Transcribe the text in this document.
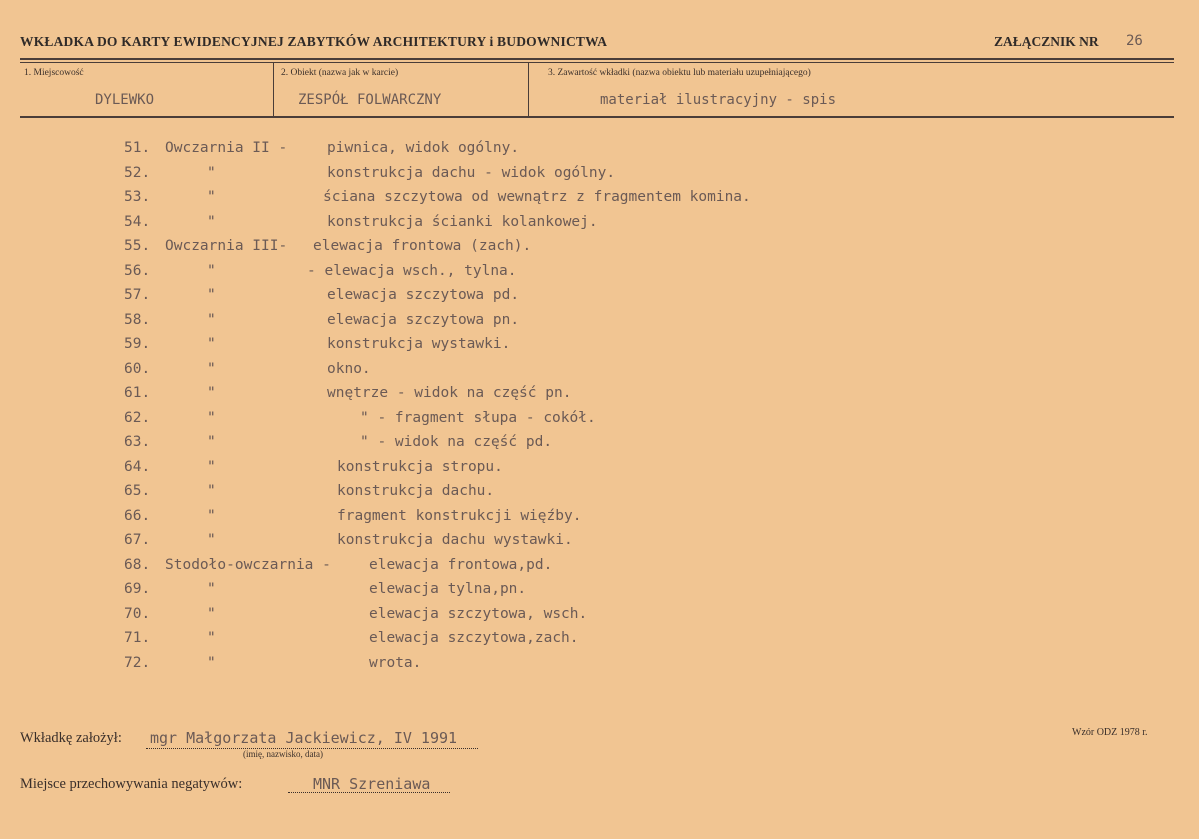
WKŁADKA DO KARTY EWIDENCYJNEJ ZABYTKÓW ARCHITEKTURY i BUDOWNICTWA	ZAŁĄCZNIK NR 26
1. Miejscowość
DYLEWKO
2. Obiekt (nazwa jak w karcie)
ZESPÓŁ FOLWARCZNY
3. Zawartość wkładki (nazwa obiektu lub materiału uzupełniającego)
materiał ilustracyjny - spis
51. Owczarnia II -	piwnica, widok ogólny.
52.	"	konstrukcja dachu - widok ogólny.
53.	"	ściana szczytowa od wewnątrz z fragmentem komina.
54.	"	konstrukcja ścianki kolankowej.
55. Owczarnia III- elewacja frontowa (zach).
56.	"	- elewacja wsch., tylna.
57.	"	elewacja szczytowa pd.
58.	"	elewacja szczytowa pn.
59.	"	konstrukcja wystawki.
60.	"	okno.
61.	"	wnętrze - widok na część pn.
62.	"	" - fragment słupa - cokół.
63.	"	" - widok na część pd.
64.	"	konstrukcja stropu.
65.	"	konstrukcja dachu.
66.	"	fragment konstrukcji więźby.
67.	"	konstrukcja dachu wystawki.
68. Stodoło-owczarnia -	elewacja frontowa,pd.
69.	"	elewacja tylna,pn.
70.	"	elewacja szczytowa, wsch.
71.	"	elewacja szczytowa,zach.
72.	"	wrota.
Wkładkę założył: mgr Małgorzata Jackiewicz, IV 1991
(imię, nazwisko, data)
Miejsce przechowywania negatywów:	MNR Szreniawa
Wzór ODZ 1978 r.
